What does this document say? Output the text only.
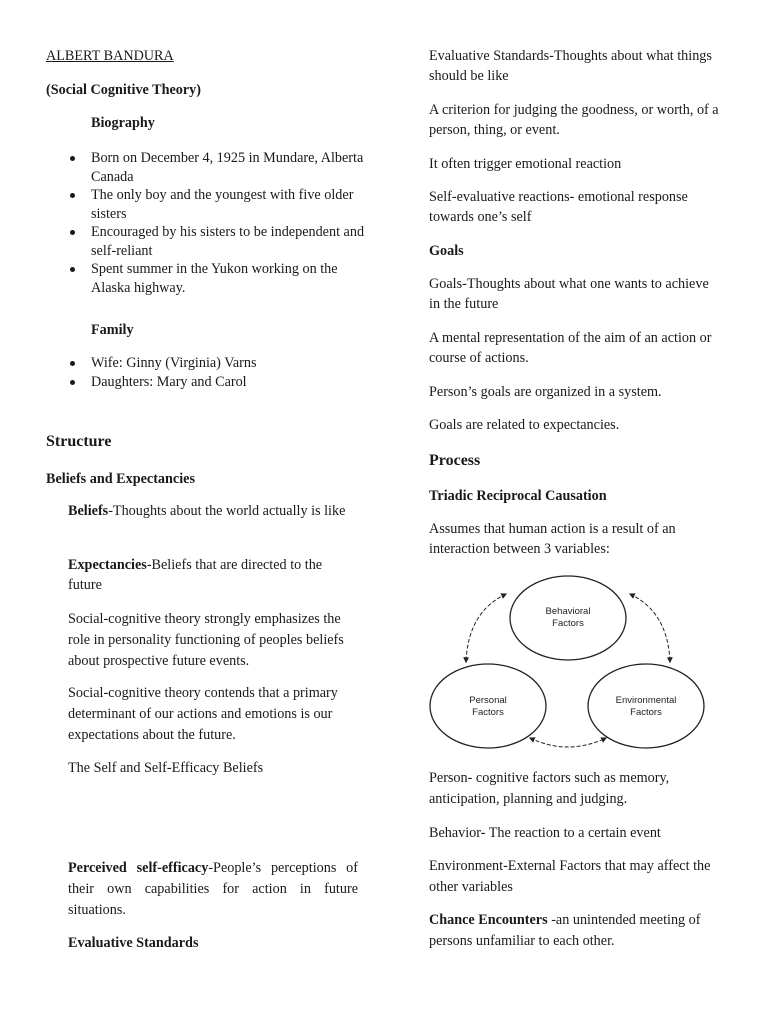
ALBERT BANDURA

(Social Cognitive Theory)

Biography

Born on December 4, 1925 in Mundare, Alberta Canada
The only boy and the youngest with five older sisters
Encouraged by his sisters to be independent and self-reliant
Spent summer in the Yukon working on the Alaska highway.

Family

Wife: Ginny (Virginia) Varns
Daughters: Mary and Carol

Structure

Beliefs and Expectancies

Beliefs-Thoughts about the world actually is like

Expectancies-Beliefs that are directed to the future

Social-cognitive theory strongly emphasizes the role in personality functioning of peoples beliefs about prospective future events.

Social-cognitive theory contends that a primary determinant of our actions and emotions is our expectations about the future.

The Self and Self-Efficacy Beliefs

Perceived self-efficacy-People’s perceptions of their own capabilities for action in future situations.

Evaluative Standards

Evaluative Standards-Thoughts about what things should be like

A criterion for judging the goodness, or worth, of a person, thing, or event.

It often trigger emotional reaction

Self-evaluative reactions- emotional response towards one’s self

Goals

Goals-Thoughts about what one wants to achieve in the future

A mental representation of the aim of an action or course of actions.

Person’s goals are organized in a system.

Goals are related to expectancies.

Process

Triadic Reciprocal Causation

Assumes that human action is a result of an interaction between 3 variables:

Behavioral
Factors
Personal
Factors
Environmental
Factors

Person- cognitive factors such as memory, anticipation, planning and judging.

Behavior- The reaction to a certain event

Environment-External Factors that may affect the other variables

Chance Encounters -an unintended meeting of persons unfamiliar to each other.
